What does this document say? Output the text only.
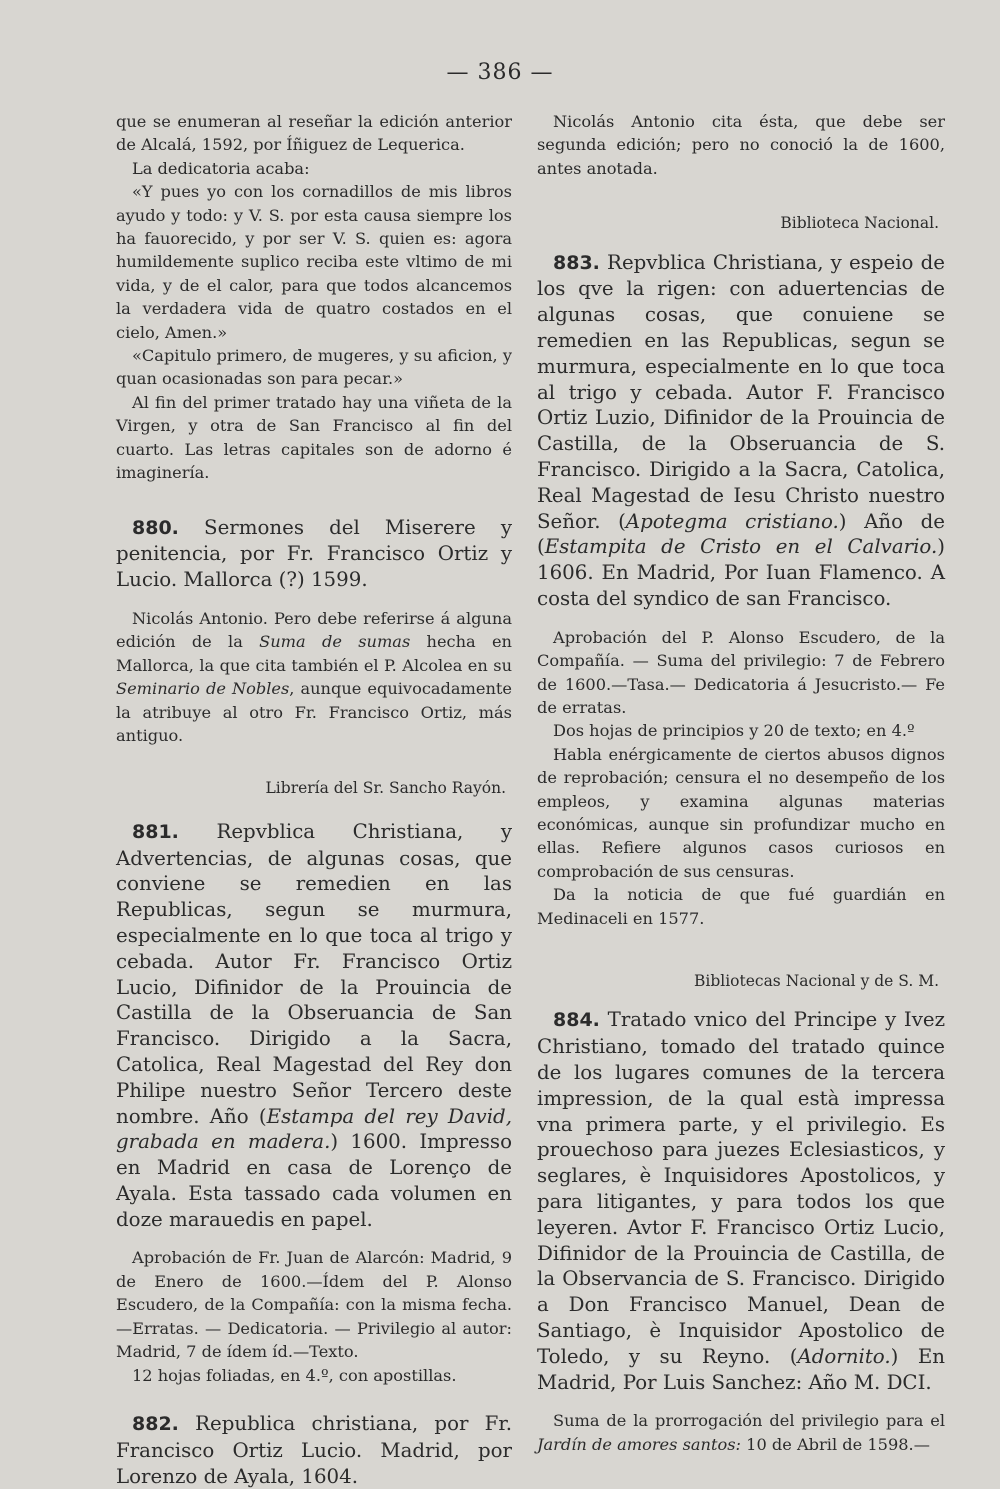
— 386 —

que se enumeran al reseñar la edición anterior de Alcalá, 1592, por Íñiguez de Lequerica.

La dedicatoria acaba:

«Y pues yo con los cornadillos de mis libros ayudo y todo: y V. S. por esta causa siempre los ha fauorecido, y por ser V. S. quien es: agora humildemente suplico reciba este vltimo de mi vida, y de el calor, para que todos alcancemos la verdadera vida de quatro costados en el cielo, Amen.»

«Capitulo primero, de mugeres, y su aficion, y quan ocasionadas son para pecar.»

Al fin del primer tratado hay una viñeta de la Virgen, y otra de San Francisco al fin del cuarto. Las letras capitales son de adorno é imaginería.

880. Sermones del Miserere y penitencia, por Fr. Francisco Ortiz y Lucio. Mallorca (?) 1599.

Nicolás Antonio. Pero debe referirse á alguna edición de la Suma de sumas hecha en Mallorca, la que cita también el P. Alcolea en su Seminario de Nobles, aunque equivocadamente la atribuye al otro Fr. Francisco Ortiz, más antiguo.

Librería del Sr. Sancho Rayón.

881. Repvblica Christiana, y Advertencias, de algunas cosas, que conviene se remedien en las Republicas, segun se murmura, especialmente en lo que toca al trigo y cebada. Autor Fr. Francisco Ortiz Lucio, Difinidor de la Prouincia de Castilla de la Obseruancia de San Francisco. Dirigido a la Sacra, Catolica, Real Magestad del Rey don Philipe nuestro Señor Tercero deste nombre. Año (Estampa del rey David, grabada en madera.) 1600. Impresso en Madrid en casa de Lorenço de Ayala. Esta tassado cada volumen en doze marauedis en papel.

Aprobación de Fr. Juan de Alarcón: Madrid, 9 de Enero de 1600.—Ídem del P. Alonso Escudero, de la Compañía: con la misma fecha.—Erratas. — Dedicatoria. — Privilegio al autor: Madrid, 7 de ídem íd.—Texto.

12 hojas foliadas, en 4.º, con apostillas.

882. Republica christiana, por Fr. Francisco Ortiz Lucio. Madrid, por Lorenzo de Ayala, 1604.

Nicolás Antonio cita ésta, que debe ser segunda edición; pero no conoció la de 1600, antes anotada.

Biblioteca Nacional.

883. Repvblica Christiana, y espeio de los qve la rigen: con aduertencias de algunas cosas, que conuiene se remedien en las Republicas, segun se murmura, especialmente en lo que toca al trigo y cebada. Autor F. Francisco Ortiz Luzio, Difinidor de la Prouincia de Castilla, de la Obseruancia de S. Francisco. Dirigido a la Sacra, Catolica, Real Magestad de Iesu Christo nuestro Señor. (Apotegma cristiano.) Año de (Estampita de Cristo en el Calvario.) 1606. En Madrid, Por Iuan Flamenco. A costa del syndico de san Francisco.

Aprobación del P. Alonso Escudero, de la Compañía. — Suma del privilegio: 7 de Febrero de 1600.—Tasa.— Dedicatoria á Jesucristo.— Fe de erratas.

Dos hojas de principios y 20 de texto; en 4.º

Habla enérgicamente de ciertos abusos dignos de reprobación; censura el no desempeño de los empleos, y examina algunas materias económicas, aunque sin profundizar mucho en ellas. Refiere algunos casos curiosos en comprobación de sus censuras.

Da la noticia de que fué guardián en Medinaceli en 1577.

Bibliotecas Nacional y de S. M.

884. Tratado vnico del Principe y Ivez Christiano, tomado del tratado quince de los lugares comunes de la tercera impression, de la qual està impressa vna primera parte, y el privilegio. Es prouechoso para juezes Eclesiasticos, y seglares, è Inquisidores Apostolicos, y para litigantes, y para todos los que leyeren. Avtor F. Francisco Ortiz Lucio, Difinidor de la Prouincia de Castilla, de la Observancia de S. Francisco. Dirigido a Don Francisco Manuel, Dean de Santiago, è Inquisidor Apostolico de Toledo, y su Reyno. (Adornito.) En Madrid, Por Luis Sanchez: Año M. DCI.

Suma de la prorrogación del privilegio para el Jardín de amores santos: 10 de Abril de 1598.—
